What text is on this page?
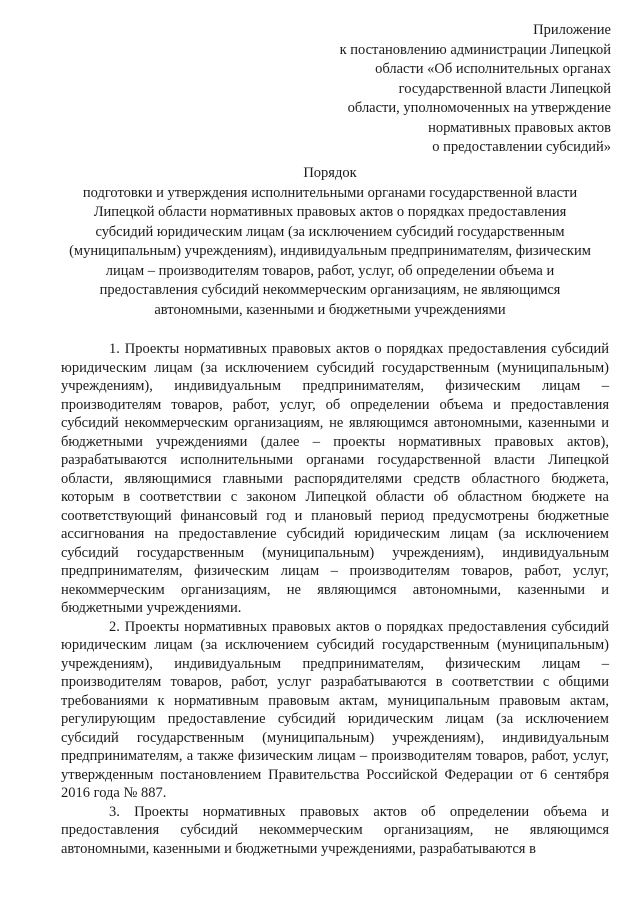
Приложение
к постановлению администрации Липецкой
области «Об исполнительных органах
государственной власти Липецкой
области, уполномоченных на утверждение
нормативных правовых актов
о предоставлении субсидий»
Порядок
подготовки и утверждения исполнительными органами государственной власти
Липецкой области нормативных правовых актов о порядках предоставления
субсидий юридическим лицам (за исключением субсидий государственным
(муниципальным) учреждениям), индивидуальным предпринимателям, физическим
лицам – производителям товаров, работ, услуг, об определении объема и
предоставления субсидий некоммерческим организациям, не являющимся
автономными, казенными и бюджетными учреждениями

1. Проекты нормативных правовых актов о порядках предоставления субсидий юридическим лицам (за исключением субсидий государственным (муниципальным) учреждениям), индивидуальным предпринимателям, физическим лицам – производителям товаров, работ, услуг, об определении объема и предоставления субсидий некоммерческим организациям, не являющимся автономными, казенными и бюджетными учреждениями (далее – проекты нормативных правовых актов), разрабатываются исполнительными органами государственной власти Липецкой области, являющимися главными распорядителями средств областного бюджета, которым в соответствии с законом Липецкой области об областном бюджете на соответствующий финансовый год и плановый период предусмотрены бюджетные ассигнования на предоставление субсидий юридическим лицам (за исключением субсидий государственным (муниципальным) учреждениям), индивидуальным предпринимателям, физическим лицам – производителям товаров, работ, услуг, некоммерческим организациям, не являющимся автономными, казенными и бюджетными учреждениями.

2. Проекты нормативных правовых актов о порядках предоставления субсидий юридическим лицам (за исключением субсидий государственным (муниципальным) учреждениям), индивидуальным предпринимателям, физическим лицам – производителям товаров, работ, услуг разрабатываются в соответствии с общими требованиями к нормативным правовым актам, муниципальным правовым актам, регулирующим предоставление субсидий юридическим лицам (за исключением субсидий государственным (муниципальным) учреждениям), индивидуальным предпринимателям, а также физическим лицам – производителям товаров, работ, услуг, утвержденным постановлением Правительства Российской Федерации от 6 сентября 2016 года № 887.

3. Проекты нормативных правовых актов об определении объема и предоставления субсидий некоммерческим организациям, не являющимся автономными, казенными и бюджетными учреждениями, разрабатываются в
